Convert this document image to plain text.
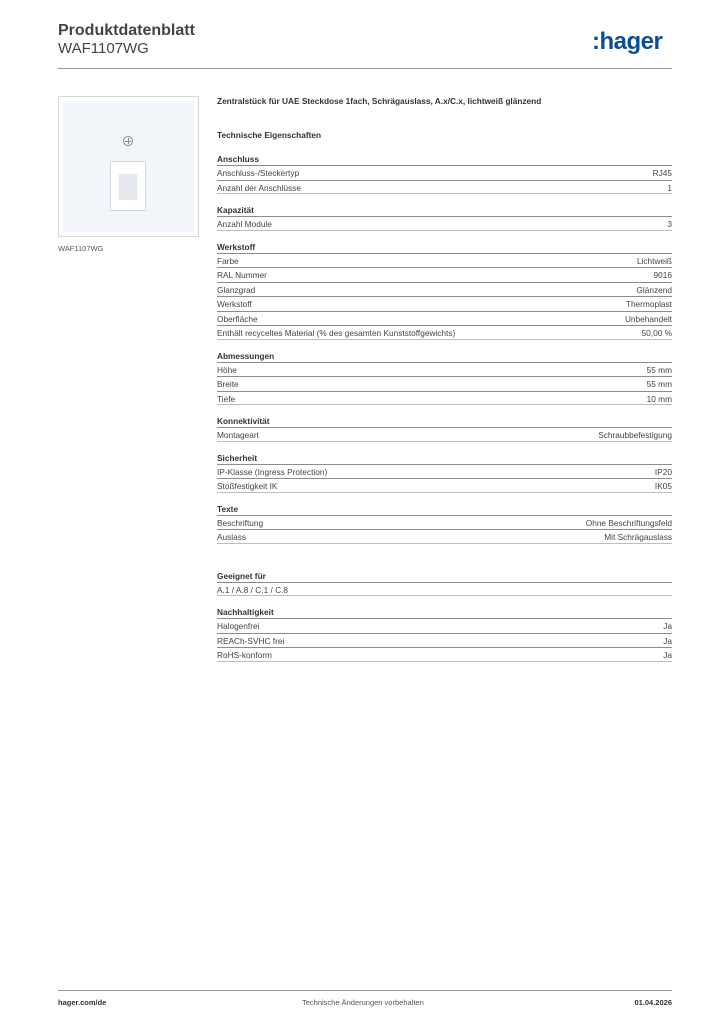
Produktdatenblatt
WAF1107WG	:hager
WAF1107WG
Zentralstück für UAE Steckdose 1fach, Schrägauslass, A.x/C.x, lichtweiß glänzend
Technische Eigenschaften
Anschluss
Anschluss-/Steckertyp	RJ45
Anzahl der Anschlüsse	1
Kapazität
Anzahl Module	3
Werkstoff
Farbe	Lichtweiß
RAL Nummer	9016
Glanzgrad	Glänzend
Werkstoff	Thermoplast
Oberfläche	Unbehandelt
Enthält recyceltes Material (% des gesamten Kunststoffgewichts)	50,00 %
Abmessungen
Höhe	55 mm
Breite	55 mm
Tiefe	10 mm
Konnektivität
Montageart	Schraubbefestigung
Sicherheit
IP-Klasse (Ingress Protection)	IP20
Stoßfestigkeit IK	IK05
Texte
Beschriftung	Ohne Beschriftungsfeld
Auslass	Mit Schrägauslass
Geeignet für
A.1 / A.8 / C.1 / C.8
Nachhaltigkeit
Halogenfrei	Ja
REACh-SVHC frei	Ja
RoHS-konform	Ja
hager.com/de	Technische Änderungen vorbehalten	01.04.2026
